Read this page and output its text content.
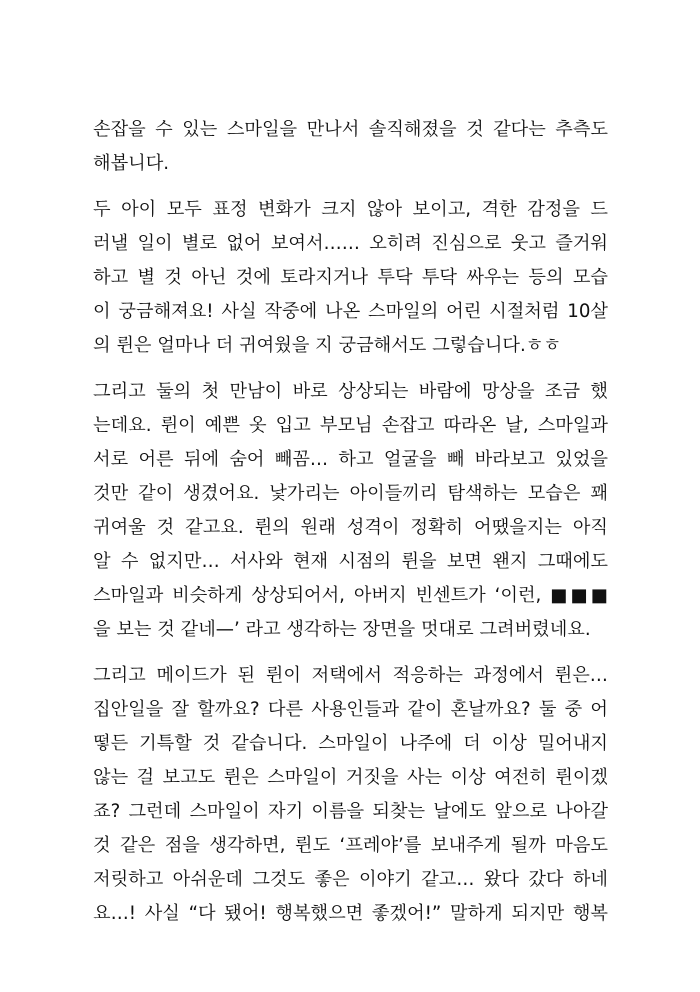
손잡을 수 있는 스마일을 만나서 솔직해졌을 것 같다는 추측도
해봅니다.
두 아이 모두 표정 변화가 크지 않아 보이고, 격한 감정을 드
러낼 일이 별로 없어 보여서…… 오히려 진심으로 웃고 즐거워
하고 별 것 아닌 것에 토라지거나 투닥 투닥 싸우는 등의 모습
이 궁금해져요! 사실 작중에 나온 스마일의 어린 시절처럼 10살
의 륀은 얼마나 더 귀여웠을 지 궁금해서도 그렇습니다.ㅎㅎ
그리고 둘의 첫 만남이 바로 상상되는 바람에 망상을 조금 했
는데요. 륀이 예쁜 옷 입고 부모님 손잡고 따라온 날, 스마일과
서로 어른 뒤에 숨어 빼꼼… 하고 얼굴을 빼 바라보고 있었을
것만 같이 생겼어요. 낯가리는 아이들끼리 탐색하는 모습은 꽤
귀여울 것 같고요. 륀의 원래 성격이 정확히 어땠을지는 아직
알 수 없지만… 서사와 현재 시점의 륀을 보면 왠지 그때에도
스마일과 비슷하게 상상되어서, 아버지 빈센트가 ‘이런, ■■■
을 보는 것 같네—’ 라고 생각하는 장면을 멋대로 그려버렸네요.
그리고 메이드가 된 륀이 저택에서 적응하는 과정에서 륀은…
집안일을 잘 할까요? 다른 사용인들과 같이 혼날까요? 둘 중 어
떻든 기특할 것 같습니다. 스마일이 나주에 더 이상 밀어내지
않는 걸 보고도 륀은 스마일이 거짓을 사는 이상 여전히 륀이겠
죠? 그런데 스마일이 자기 이름을 되찾는 날에도 앞으로 나아갈
것 같은 점을 생각하면, 륀도 ‘프레야’를 보내주게 될까 마음도
저릿하고 아쉬운데 그것도 좋은 이야기 같고… 왔다 갔다 하네
요…! 사실 “다 됐어! 행복했으면 좋겠어!” 말하게 되지만 행복
